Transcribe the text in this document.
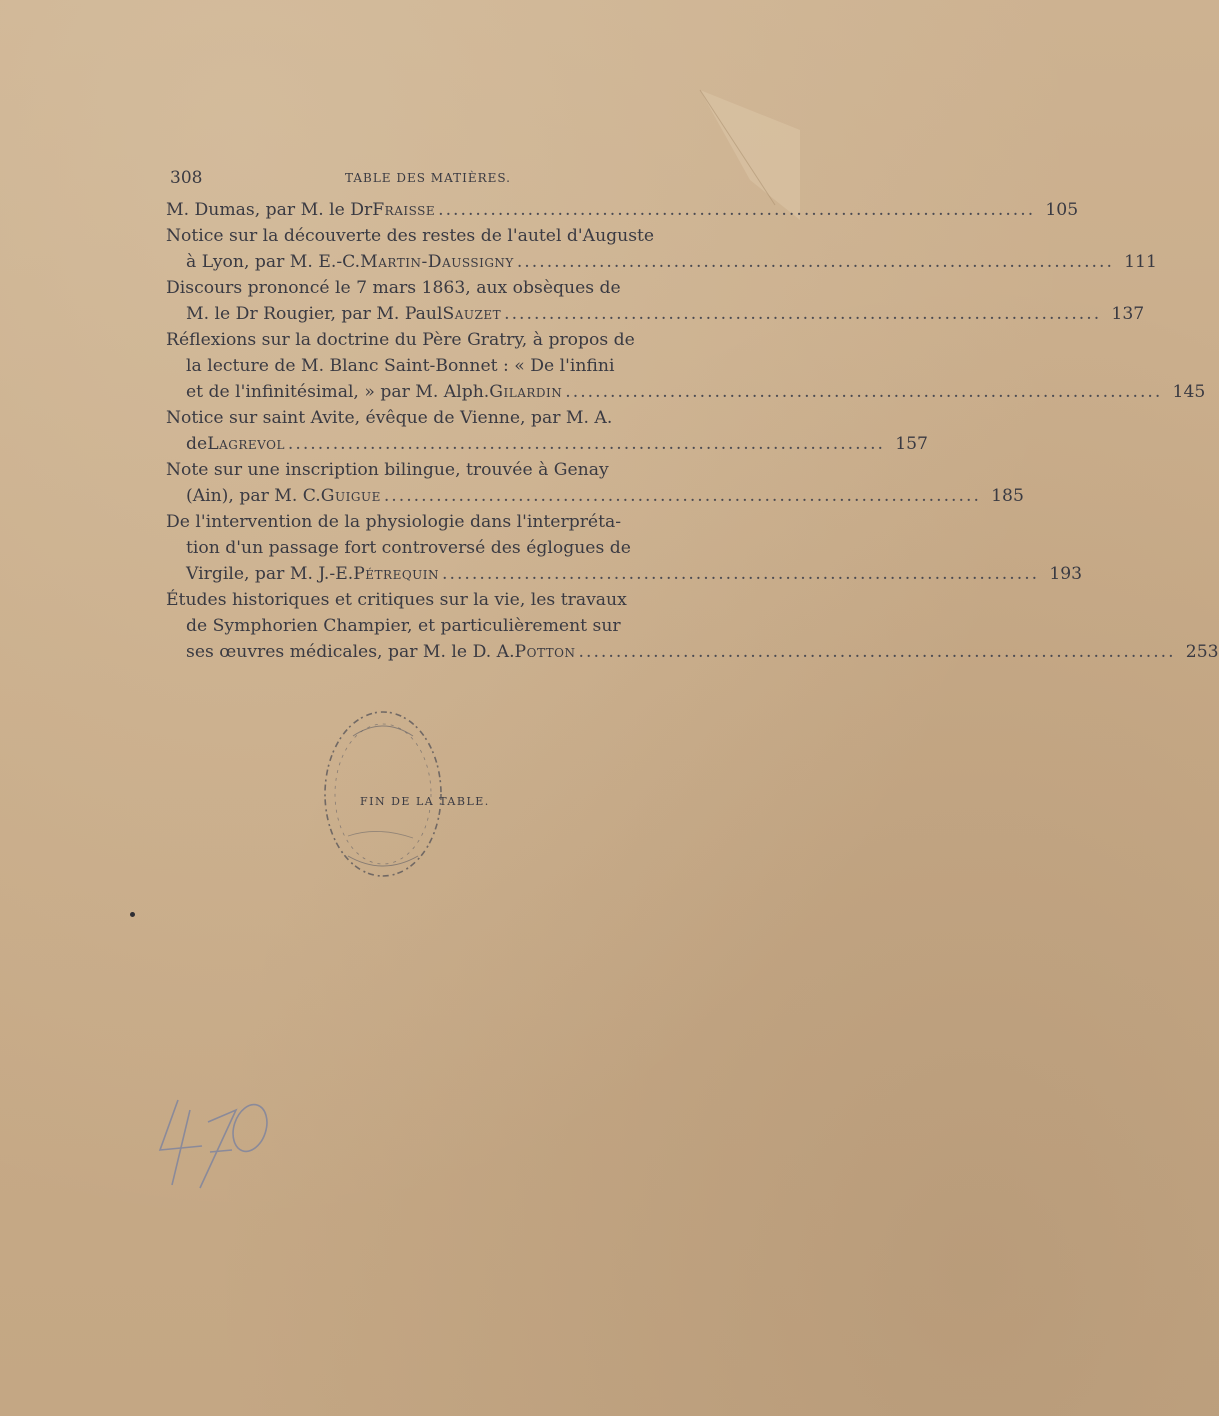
308	TABLE DES MATIÈRES.
M. Dumas, par M. le Dr Fraisse ................................................................................ 105
Notice sur la découverte des restes de l'autel d'Auguste
à Lyon, par M. E.-C. Martin-Daussigny ................................................................................ 111
Discours prononcé le 7 mars 1863, aux obsèques de
M. le Dr Rougier, par M. Paul Sauzet ................................................................................ 137
Réflexions sur la doctrine du Père Gratry, à propos de
la lecture de M. Blanc Saint-Bonnet : « De l'infini
et de l'infinitésimal, » par M. Alph. Gilardin ................................................................................ 145
Notice sur saint Avite, évêque de Vienne, par M. A.
de Lagrevol ................................................................................ 157
Note sur une inscription bilingue, trouvée à Genay
(Ain), par M. C. Guigue ................................................................................ 185
De l'intervention de la physiologie dans l'interpréta-
tion d'un passage fort controversé des églogues de
Virgile, par M. J.-E. Pétrequin ................................................................................ 193
Études historiques et critiques sur la vie, les travaux
de Symphorien Champier, et particulièrement sur
ses œuvres médicales, par M. le D. A. Potton ................................................................................ 253
FIN DE LA TABLE.
